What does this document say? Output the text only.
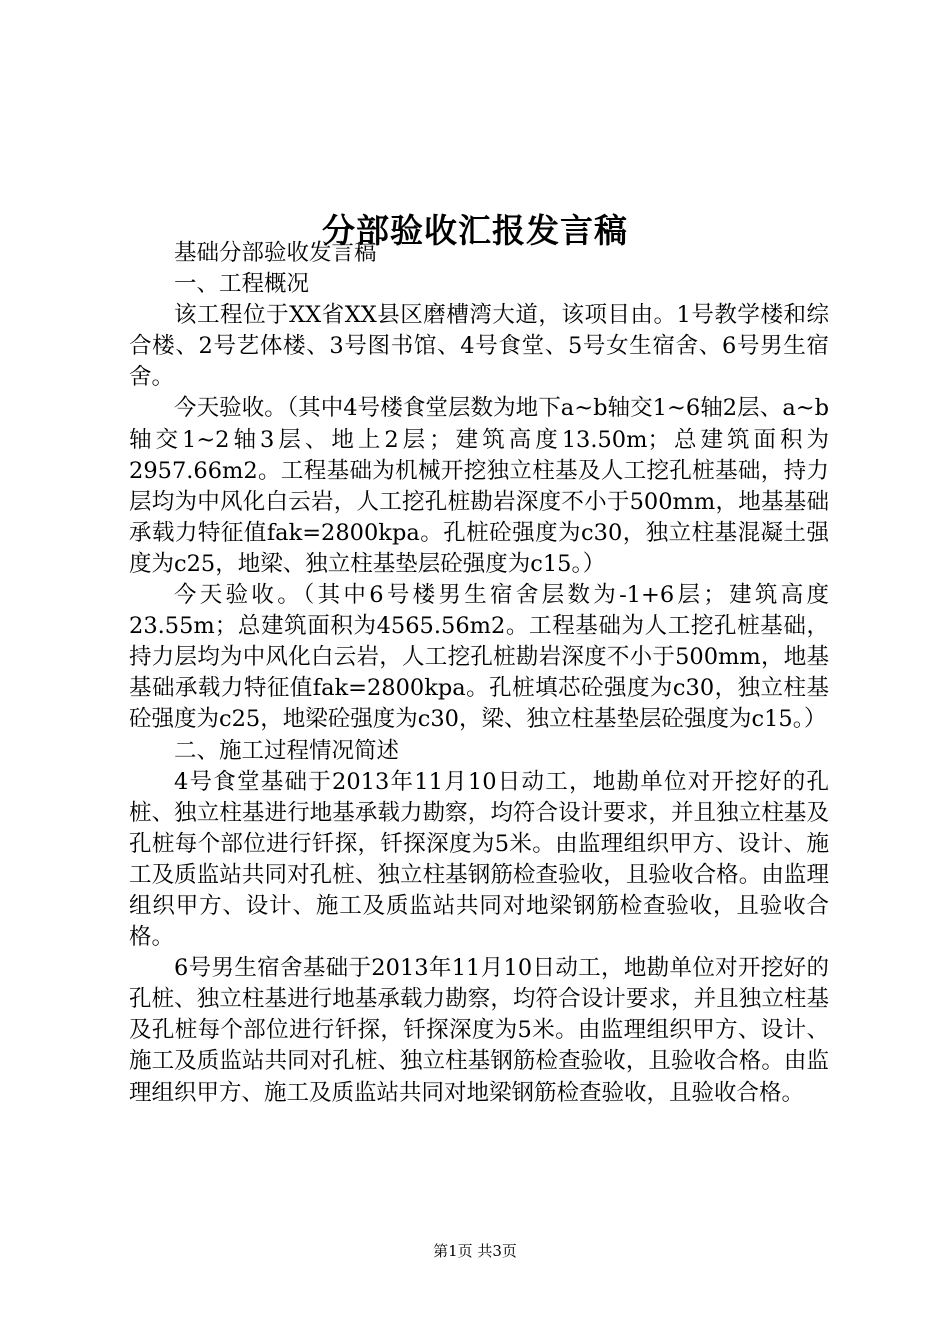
分部验收汇报发言稿

基础分部验收发言稿

一、工程概况

该工程位于XX省XX县区磨槽湾大道，该项目由。1号教学楼和综合楼、2号艺体楼、3号图书馆、4号食堂、5号女生宿舍、6号男生宿舍。

今天验收。（其中4号楼食堂层数为地下a~b轴交1~6轴2层、a~b轴交1~2轴3层、地上2层；建筑高度13.50m；总建筑面积为2957.66m2。工程基础为机械开挖独立柱基及人工挖孔桩基础，持力层均为中风化白云岩，人工挖孔桩勘岩深度不小于500mm，地基基础承载力特征值fak=2800kpa。孔桩砼强度为c30，独立柱基混凝土强度为c25，地梁、独立柱基垫层砼强度为c15。）

今天验收。（其中6号楼男生宿舍层数为-1+6层；建筑高度23.55m；总建筑面积为4565.56m2。工程基础为人工挖孔桩基础，持力层均为中风化白云岩，人工挖孔桩勘岩深度不小于500mm，地基基础承载力特征值fak=2800kpa。孔桩填芯砼强度为c30，独立柱基砼强度为c25，地梁砼强度为c30，梁、独立柱基垫层砼强度为c15。）

二、施工过程情况简述

4号食堂基础于2013年11月10日动工，地勘单位对开挖好的孔桩、独立柱基进行地基承载力勘察，均符合设计要求，并且独立柱基及孔桩每个部位进行钎探，钎探深度为5米。由监理组织甲方、设计、施工及质监站共同对孔桩、独立柱基钢筋检查验收，且验收合格。由监理组织甲方、设计、施工及质监站共同对地梁钢筋检查验收，且验收合格。

6号男生宿舍基础于2013年11月10日动工，地勘单位对开挖好的孔桩、独立柱基进行地基承载力勘察，均符合设计要求，并且独立柱基及孔桩每个部位进行钎探，钎探深度为5米。由监理组织甲方、设计、施工及质监站共同对孔桩、独立柱基钢筋检查验收，且验收合格。由监理组织甲方、施工及质监站共同对地梁钢筋检查验收，且验收合格。

第1页 共3页
